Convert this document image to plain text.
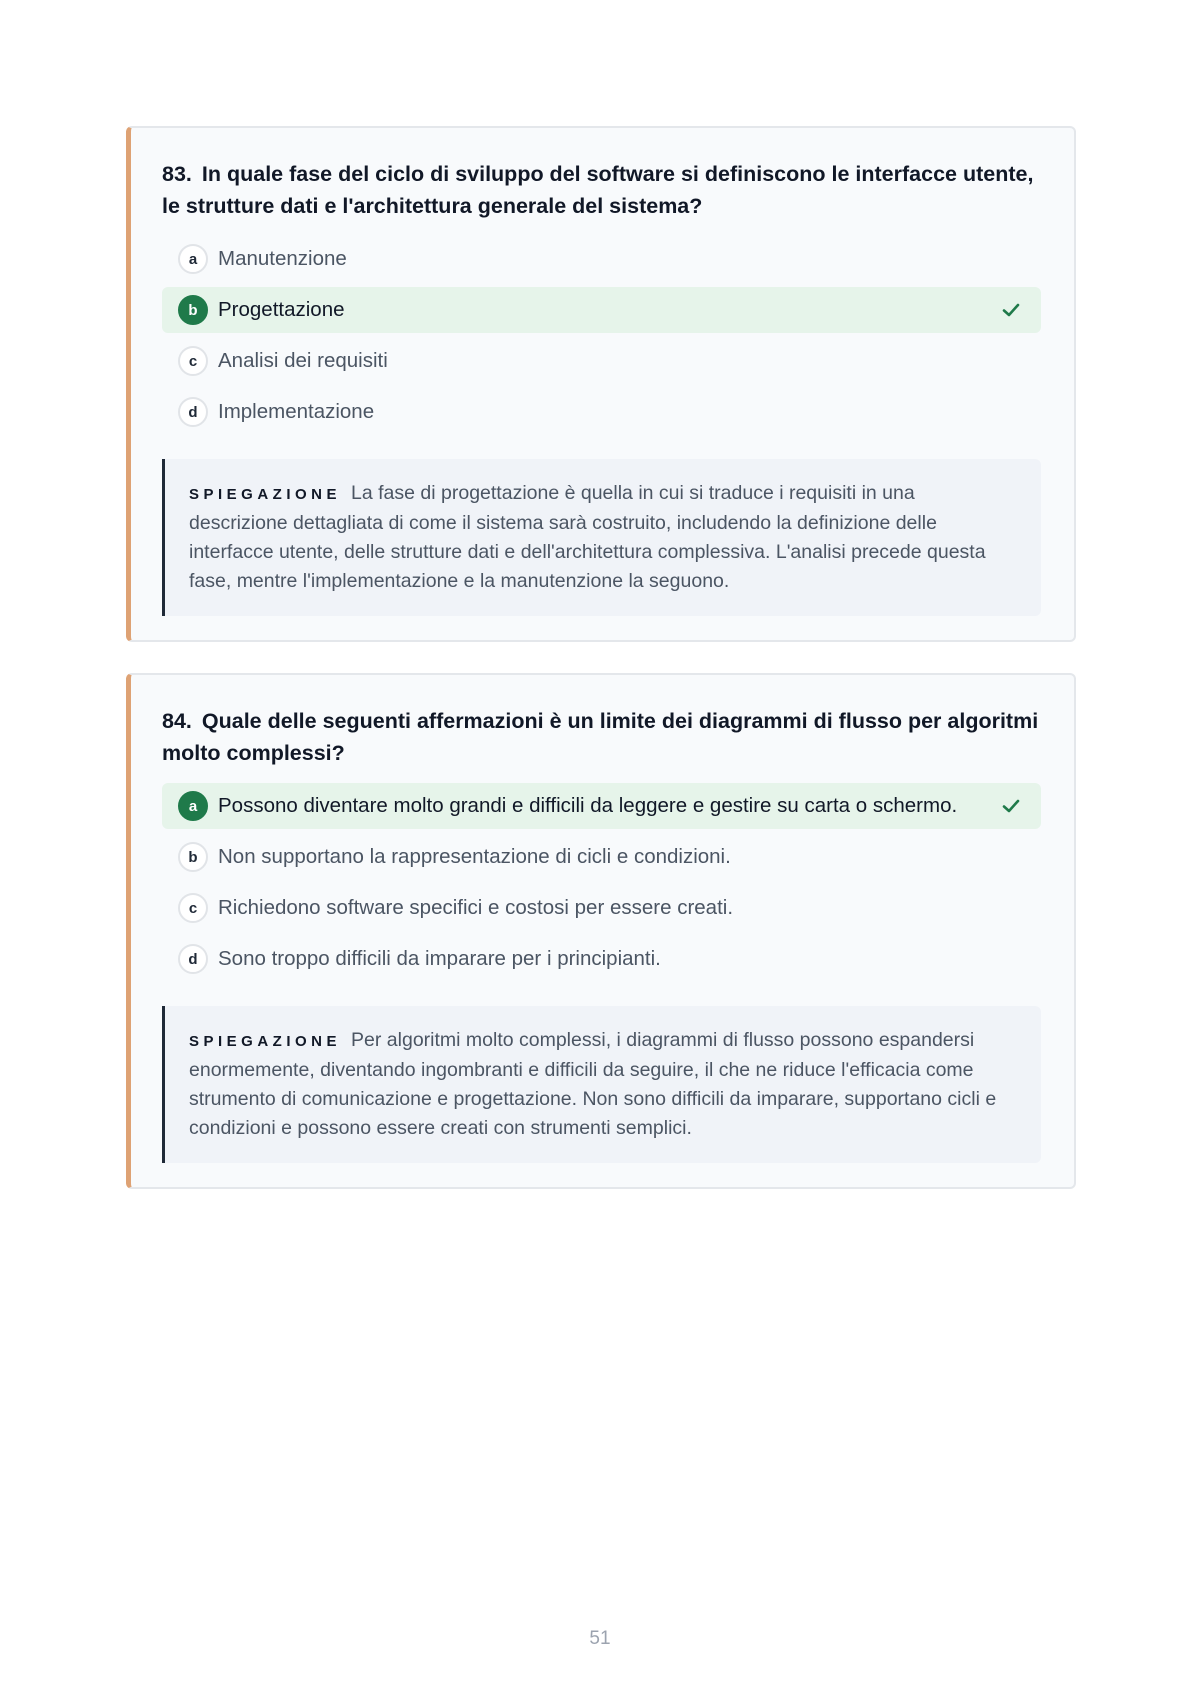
83. In quale fase del ciclo di sviluppo del software si definiscono le interfacce utente, le strutture dati e l'architettura generale del sistema?

a	Manutenzione
b Progettazione
c	Analisi dei requisiti
d Implementazione
SPIEGAZIONE La fase di progettazione è quella in cui si traduce i requisiti in una descrizione dettagliata di come il sistema sarà costruito, includendo la definizione delle interfacce utente, delle strutture dati e dell'architettura complessiva. L'analisi precede questa fase, mentre l'implementazione e la manutenzione la seguono.

84. Quale delle seguenti affermazioni è un limite dei diagrammi di flusso per algoritmi molto complessi?

a	Possono diventare molto grandi e difficili da leggere e gestire su carta o schermo.
b Non supportano la rappresentazione di cicli e condizioni.
c	Richiedono software specifici e costosi per essere creati.
d Sono troppo difficili da imparare per i principianti.
SPIEGAZIONE Per algoritmi molto complessi, i diagrammi di flusso possono espandersi enormemente, diventando ingombranti e difficili da seguire, il che ne riduce l'efficacia come strumento di comunicazione e progettazione. Non sono difficili da imparare, supportano cicli e condizioni e possono essere creati con strumenti semplici.
51
